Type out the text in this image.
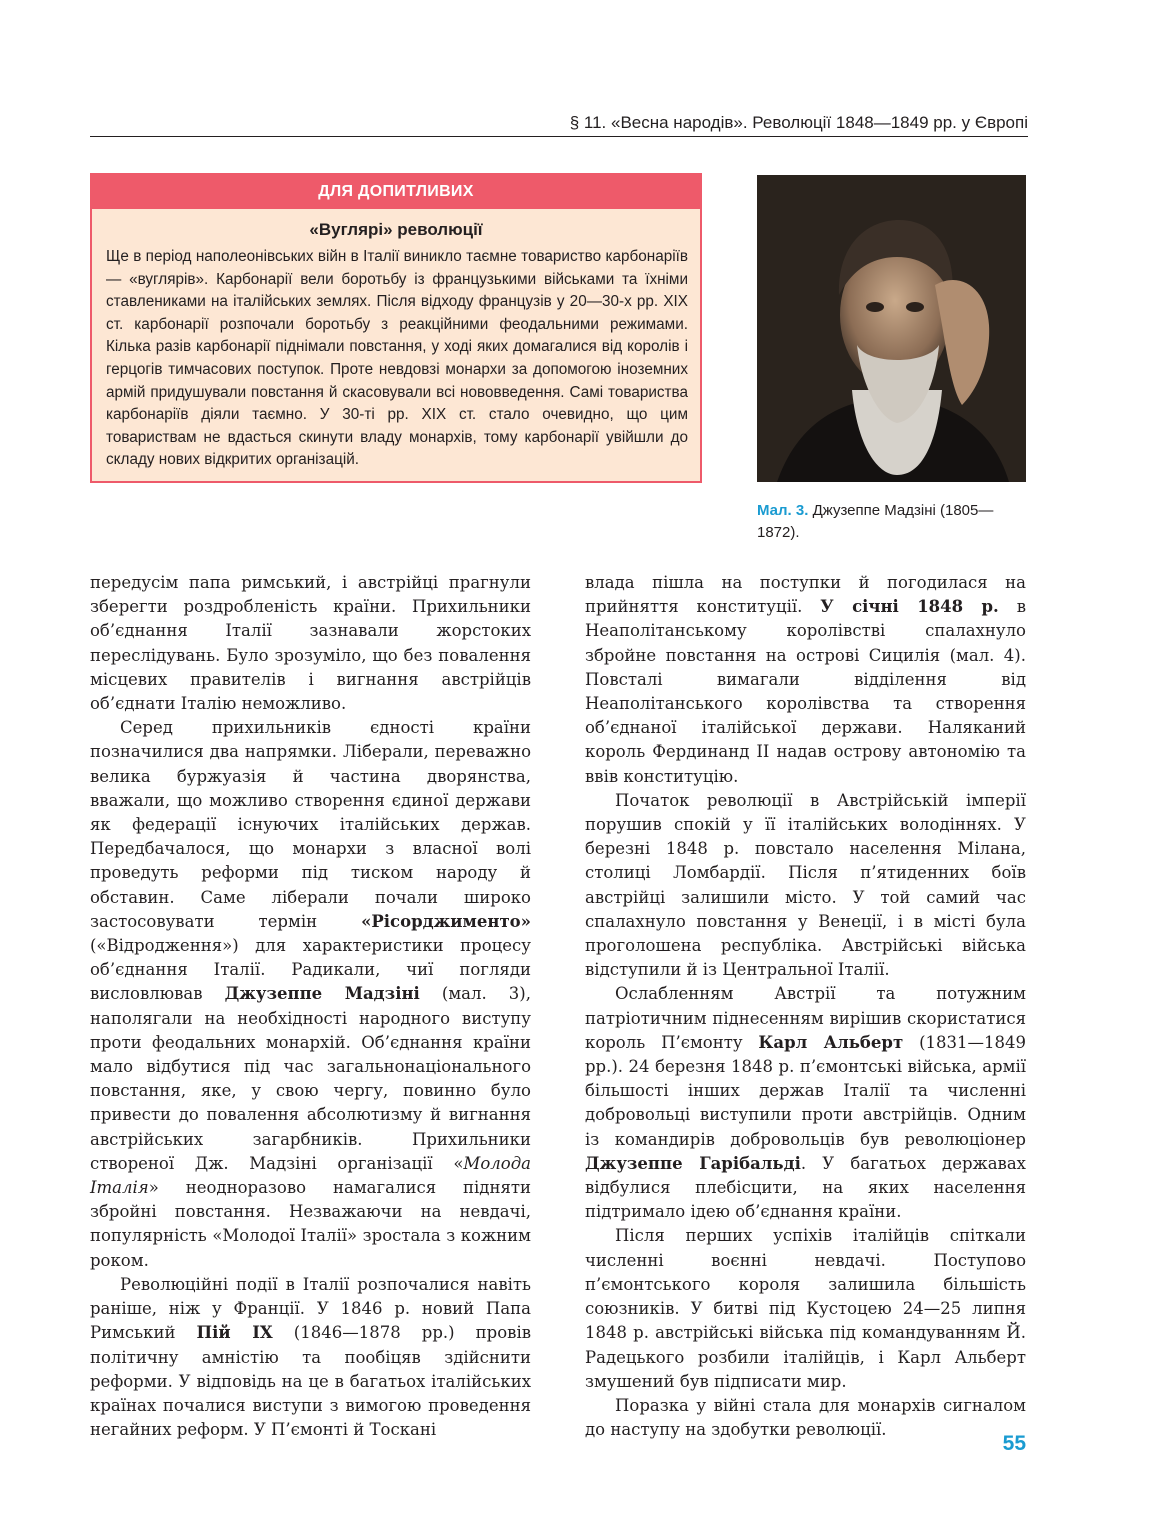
§ 11. «Весна народів». Революції 1848—1849 рр. у Європі
ДЛЯ ДОПИТЛИВИХ
«Вуглярі» революції
Ще в період наполеонівських війн в Італії виникло таємне товариство карбонаріїв — «вуглярів». Карбонарії вели боротьбу із французькими військами та їхніми ставлениками на італійських землях. Після відходу французів у 20—30-х рр. XIX ст. карбонарії розпочали боротьбу з реакційними феодальними режимами. Кілька разів карбонарії піднімали повстання, у ході яких домагалися від королів і герцогів тимчасових поступок. Проте невдовзі монархи за допомогою іноземних армій придушували повстання й скасовували всі нововведення. Самі товариства карбонаріїв діяли таємно. У 30-ті рр. XIX ст. стало очевидно, що цим товариствам не вдасться скинути владу монархів, тому карбонарії увійшли до складу нових відкритих організацій.
Мал. 3. Джузеппе Мадзіні (1805—1872).

передусім папа римський, і австрійці прагнули зберегти роздробленість країни. Прихильники об’єднання Італії зазнавали жорстоких переслідувань. Було зрозуміло, що без повалення місцевих правителів і вигнання австрійців об’єднати Італію неможливо.

Серед прихильників єдності країни позначилися два напрямки. Ліберали, переважно велика буржуазія й частина дворянства, вважали, що можливо створення єдиної держави як федерації існуючих італійських держав. Передбачалося, що монархи з власної волі проведуть реформи під тиском народу й обставин. Саме ліберали почали широко застосовувати термін «Рісорджименто» («Відродження») для характеристики процесу об’єднання Італії. Радикали, чиї погляди висловлював Джузеппе Мадзіні (мал. 3), наполягали на необхідності народного виступу проти феодальних монархій. Об’єднання країни мало відбутися під час загальнонаціонального повстання, яке, у свою чергу, повинно було привести до повалення абсолютизму й вигнання австрійських загарбників. Прихильники створеної Дж. Мадзіні організації «Молода Італія» неодноразово намагалися підняти збройні повстання. Незважаючи на невдачі, популярність «Молодої Італії» зростала з кожним роком.

Революційні події в Італії розпочалися навіть раніше, ніж у Франції. У 1846 р. новий Папа Римський Пій IX (1846—1878 рр.) провів політичну амністію та пообіцяв здійснити реформи. У відповідь на це в багатьох італійських країнах почалися виступи з вимогою проведення негайних реформ. У П’ємонті й Тоскані

влада пішла на поступки й погодилася на прийняття конституції. У січні 1848 р. в Неаполітанському королівстві спалахнуло збройне повстання на острові Сицилія (мал. 4). Повсталі вимагали відділення від Неаполітанського королівства та створення об’єднаної італійської держави. Наляканий король Фердинанд II надав острову автономію та ввів конституцію.

Початок революції в Австрійській імперії порушив спокій у її італійських володіннях. У березні 1848 р. повстало населення Мілана, столиці Ломбардії. Після п’ятиденних боїв австрійці залишили місто. У той самий час спалахнуло повстання у Венеції, і в місті була проголошена республіка. Австрійські війська відступили й із Центральної Італії.

Ослабленням Австрії та потужним патріотичним піднесенням вирішив скористатися король П’ємонту Карл Альберт (1831—1849 рр.). 24 березня 1848 р. п’ємонтські війська, армії більшості інших держав Італії та численні добровольці виступили проти австрійців. Одним із командирів добровольців був революціонер Джузеппе Гарібальді. У багатьох державах відбулися плебісцити, на яких населення підтримало ідею об’єднання країни.

Після перших успіхів італійців спіткали численні воєнні невдачі. Поступово п’ємонтського короля залишила більшість союзників. У битві під Кустоцею 24—25 липня 1848 р. австрійські війська під командуванням Й. Радецького розбили італійців, і Карл Альберт змушений був підписати мир.

Поразка у війні стала для монархів сигналом до наступу на здобутки революції.

55
